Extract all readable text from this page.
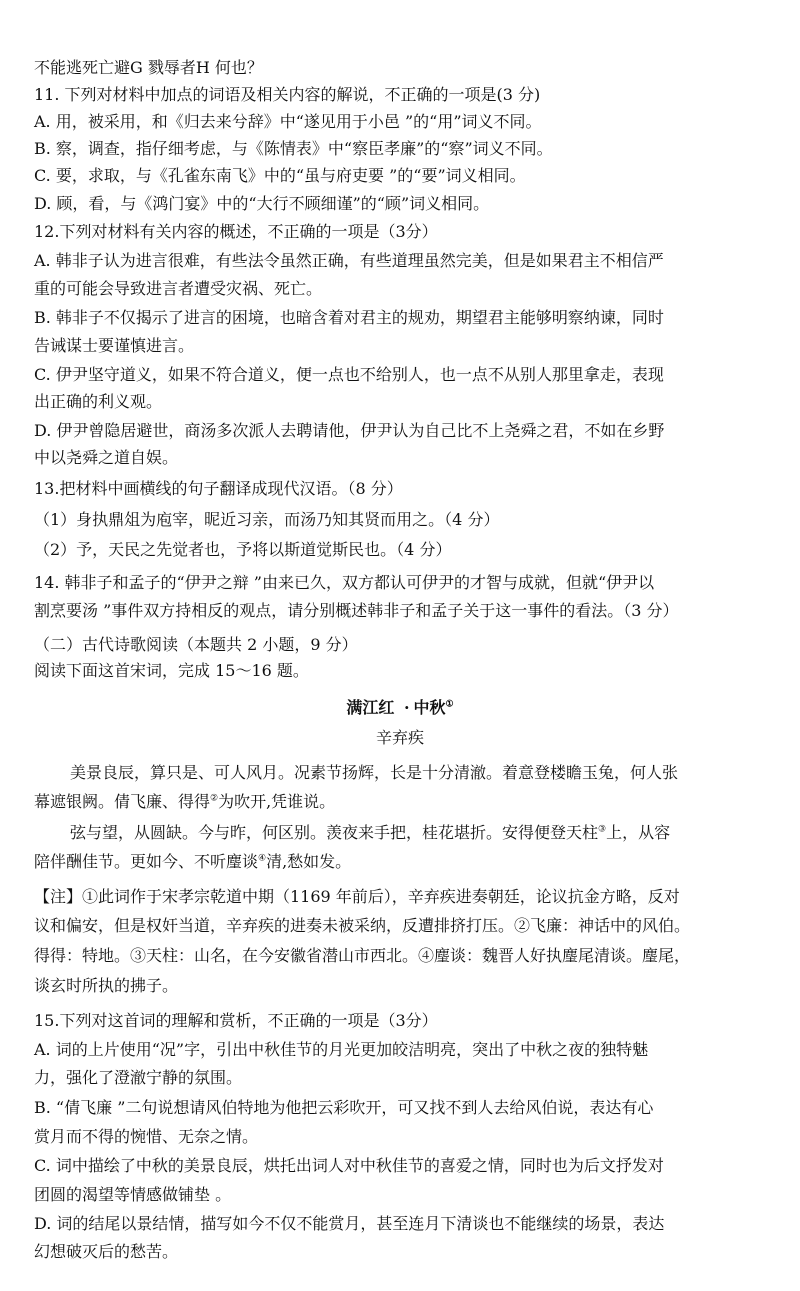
不能逃死亡避G 戮辱者H 何也？
11. 下列对材料中加点的词语及相关内容的解说，不正确的一项是(3 分)
A. 用，被采用，和《归去来兮辞》中“遂见用于小邑 ”的“用”词义不同。
B. 察，调查，指仔细考虑，与《陈情表》中“察臣孝廉”的“察”词义不同。
C. 要，求取，与《孔雀东南飞》中的“虽与府吏要 ”的“要”词义相同。
D. 顾，看，与《鸿门宴》中的“大行不顾细谨”的“顾”词义相同。
12.下列对材料有关内容的概述，不正确的一项是（3分）
A. 韩非子认为进言很难，有些法令虽然正确，有些道理虽然完美，但是如果君主不相信严
重的可能会导致进言者遭受灾祸、死亡。
B. 韩非子不仅揭示了进言的困境，也暗含着对君主的规劝，期望君主能够明察纳谏，同时
告诫谋士要谨慎进言。
C. 伊尹坚守道义，如果不符合道义，便一点也不给别人，也一点不从别人那里拿走，表现
出正确的利义观。
D. 伊尹曾隐居避世，商汤多次派人去聘请他，伊尹认为自己比不上尧舜之君，不如在乡野
中以尧舜之道自娱。
13.把材料中画横线的句子翻译成现代汉语。（8 分）
（1）身执鼎俎为庖宰，昵近习亲，而汤乃知其贤而用之。（4 分）
（2）予，天民之先觉者也，予将以斯道觉斯民也。（4 分）
14. 韩非子和孟子的“伊尹之辩 ”由来已久，双方都认可伊尹的才智与成就，但就“伊尹以
割烹要汤 ”事件双方持相反的观点，请分别概述韩非子和孟子关于这一事件的看法。（3 分）
（二）古代诗歌阅读（本题共 2 小题，9 分）
阅读下面这首宋词，完成 15～16 题。
满江红 · 中秋①
辛弃疾
美景良辰，算只是、可人风月。况素节扬辉，长是十分清澈。着意登楼瞻玉兔，何人张
幕遮银阙。倩飞廉、得得②为吹开,凭谁说。
弦与望，从圆缺。今与昨，何区别。羡夜来手把，桂花堪折。安得便登天柱③上，从容
陪伴酬佳节。更如今、不听麈谈④清,愁如发。
【注】①此词作于宋孝宗乾道中期（1169 年前后），辛弃疾进奏朝廷，论议抗金方略，反对
议和偏安，但是权奸当道，辛弃疾的进奏未被采纳，反遭排挤打压。②飞廉：神话中的风伯。
得得：特地。③天柱：山名，在今安徽省潜山市西北。④麈谈：魏晋人好执麈尾清谈。麈尾，
谈玄时所执的拂子。
15.下列对这首词的理解和赏析，不正确的一项是（3分）
A. 词的上片使用“况”字，引出中秋佳节的月光更加皎洁明亮，突出了中秋之夜的独特魅
力，强化了澄澈宁静的氛围。
B. “倩飞廉 ”二句说想请风伯特地为他把云彩吹开，可又找不到人去给风伯说，表达有心
赏月而不得的惋惜、无奈之情。
C. 词中描绘了中秋的美景良辰，烘托出词人对中秋佳节的喜爱之情，同时也为后文抒发对
团圆的渴望等情感做铺垫 。
D. 词的结尾以景结情，描写如今不仅不能赏月，甚至连月下清谈也不能继续的场景，表达
幻想破灭后的愁苦。
